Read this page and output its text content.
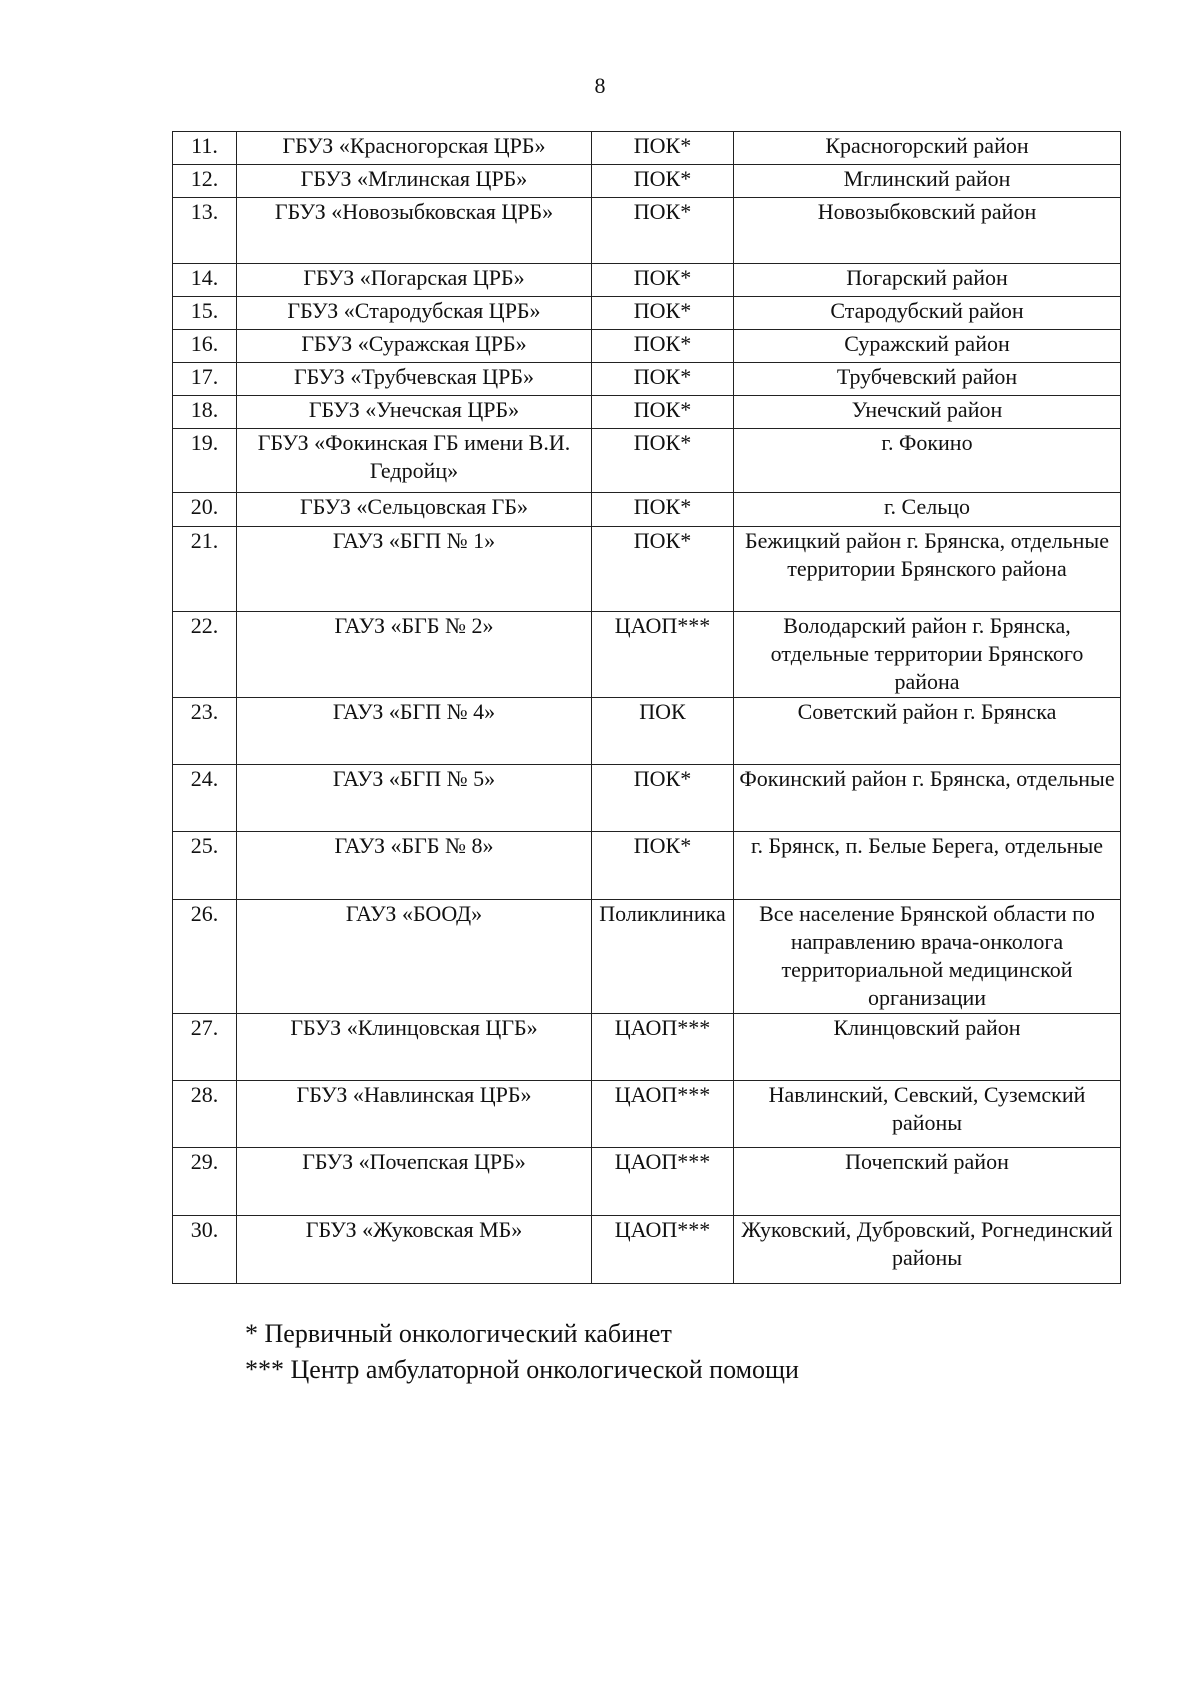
8
11.	ГБУЗ «Красногорская ЦРБ»	ПОК*	Красногорский район
12.	ГБУЗ «Мглинская ЦРБ»	ПОК*	Мглинский район
13.	ГБУЗ «Новозыбковская ЦРБ»	ПОК*	Новозыбковский район
14.	ГБУЗ «Погарская ЦРБ»	ПОК*	Погарский район
15.	ГБУЗ «Стародубская ЦРБ»	ПОК*	Стародубский район
16.	ГБУЗ «Суражская ЦРБ»	ПОК*	Суражский район
17.	ГБУЗ «Трубчевская ЦРБ»	ПОК*	Трубчевский район
18.	ГБУЗ «Унечская ЦРБ»	ПОК*	Унечский район
19.	ГБУЗ «Фокинская ГБ имени В.И. Гедройц»	ПОК*	г. Фокино
20.	ГБУЗ «Сельцовская ГБ»	ПОК*	г. Сельцо
21.	ГАУЗ «БГП № 1»	ПОК*	Бежицкий район г. Брянска, отдельные территории Брянского района
22.	ГАУЗ «БГБ № 2»	ЦАОП***	Володарский район г. Брянска, отдельные территории Брянского района
23.	ГАУЗ «БГП № 4»	ПОК	Советский район г. Брянска
24.	ГАУЗ «БГП № 5»	ПОК*	Фокинский район г. Брянска, отдельные
25.	ГАУЗ «БГБ № 8»	ПОК*	г. Брянск, п. Белые Берега, отдельные
26.	ГАУЗ «БООД»	Поликлиника	Все население Брянской области по направлению врача-онколога территориальной медицинской организации
27.	ГБУЗ «Клинцовская ЦГБ»	ЦАОП***	Клинцовский район
28.	ГБУЗ «Навлинская ЦРБ»	ЦАОП***	Навлинский, Севский, Суземский районы
29.	ГБУЗ «Почепская ЦРБ»	ЦАОП***	Почепский район
30.	ГБУЗ «Жуковская МБ»	ЦАОП***	Жуковский, Дубровский, Рогнединский районы
* Первичный онкологический кабинет
*** Центр амбулаторной онкологической помощи
